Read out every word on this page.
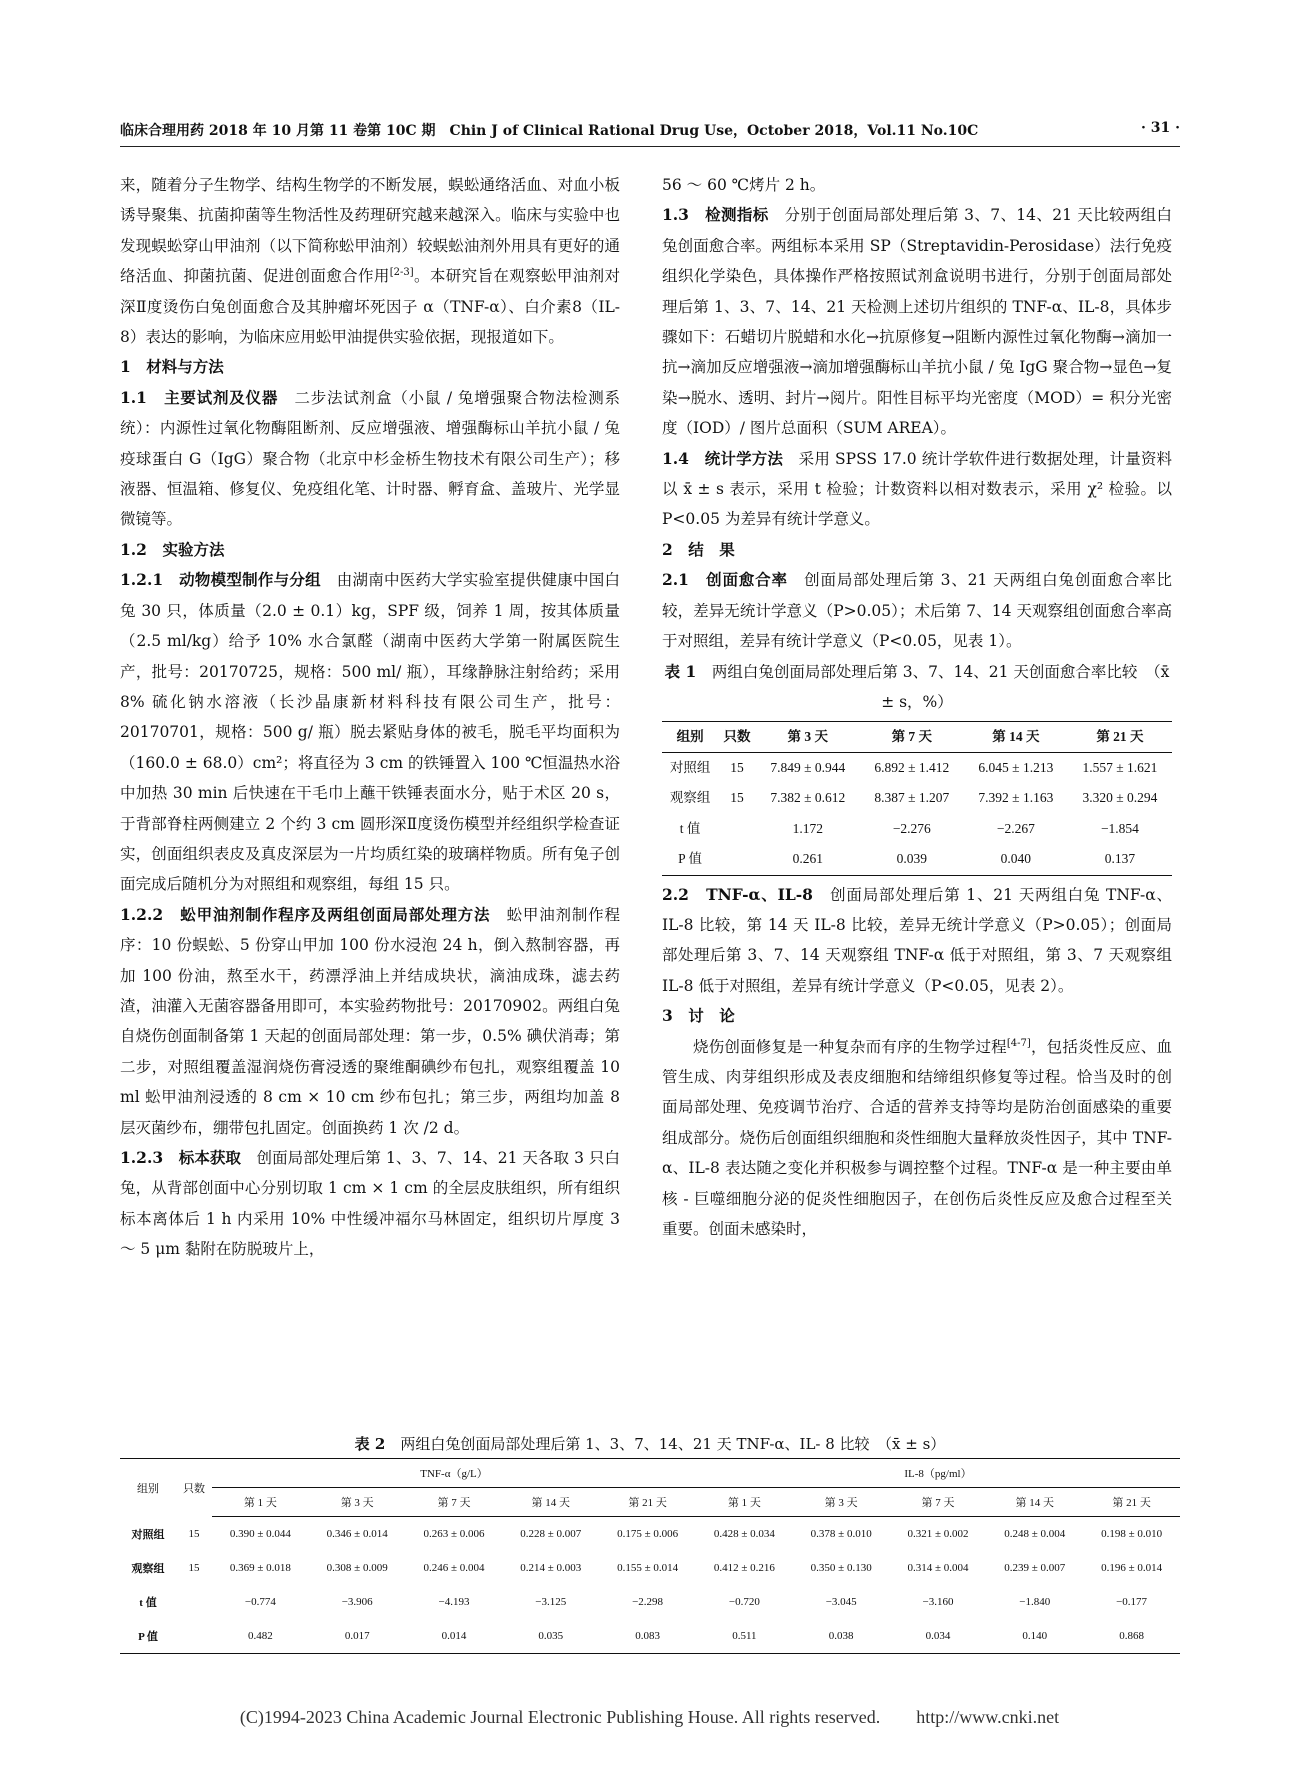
临床合理用药 2018 年 10 月第 11 卷第 10C 期　Chin J of Clinical Rational Drug Use，October 2018，Vol.11 No.10C	· 31 ·

来，随着分子生物学、结构生物学的不断发展，蜈蚣通络活血、对血小板诱导聚集、抗菌抑菌等生物活性及药理研究越来越深入。临床与实验中也发现蜈蚣穿山甲油剂（以下简称蚣甲油剂）较蜈蚣油剂外用具有更好的通络活血、抑菌抗菌、促进创面愈合作用[2-3]。本研究旨在观察蚣甲油剂对深Ⅱ度烫伤白兔创面愈合及其肿瘤坏死因子 α（TNF-α）、白介素8（IL-8）表达的影响，为临床应用蚣甲油提供实验依据，现报道如下。

1　材料与方法

1.1　主要试剂及仪器　二步法试剂盒（小鼠 / 兔增强聚合物法检测系统）：内源性过氧化物酶阻断剂、反应增强液、增强酶标山羊抗小鼠 / 兔疫球蛋白 G（IgG）聚合物（北京中杉金桥生物技术有限公司生产）；移液器、恒温箱、修复仪、免疫组化笔、计时器、孵育盒、盖玻片、光学显微镜等。

1.2　实验方法

1.2.1　动物模型制作与分组　由湖南中医药大学实验室提供健康中国白兔 30 只，体质量（2.0 ± 0.1）kg，SPF 级，饲养 1 周，按其体质量（2.5 ml/kg）给予 10% 水合氯醛（湖南中医药大学第一附属医院生产，批号：20170725，规格：500 ml/ 瓶），耳缘静脉注射给药；采用 8% 硫化钠水溶液（长沙晶康新材料科技有限公司生产，批号：20170701，规格：500 g/ 瓶）脱去紧贴身体的被毛，脱毛平均面积为（160.0 ± 68.0）cm²；将直径为 3 cm 的铁锤置入 100 ℃恒温热水浴中加热 30 min 后快速在干毛巾上蘸干铁锤表面水分，贴于术区 20 s，于背部脊柱两侧建立 2 个约 3 cm 圆形深Ⅱ度烫伤模型并经组织学检查证实，创面组织表皮及真皮深层为一片均质红染的玻璃样物质。所有兔子创面完成后随机分为对照组和观察组，每组 15 只。

1.2.2　蚣甲油剂制作程序及两组创面局部处理方法　蚣甲油剂制作程序：10 份蜈蚣、5 份穿山甲加 100 份水浸泡 24 h，倒入熬制容器，再加 100 份油，熬至水干，药漂浮油上并结成块状，滴油成珠，滤去药渣，油灌入无菌容器备用即可，本实验药物批号：20170902。两组白兔自烧伤创面制备第 1 天起的创面局部处理：第一步，0.5% 碘伏消毒；第二步，对照组覆盖湿润烧伤膏浸透的聚维酮碘纱布包扎，观察组覆盖 10 ml 蚣甲油剂浸透的 8 cm × 10 cm 纱布包扎；第三步，两组均加盖 8 层灭菌纱布，绷带包扎固定。创面换药 1 次 /2 d。

1.2.3　标本获取　创面局部处理后第 1、3、7、14、21 天各取 3 只白兔，从背部创面中心分别切取 1 cm × 1 cm 的全层皮肤组织，所有组织标本离体后 1 h 内采用 10% 中性缓冲福尔马林固定，组织切片厚度 3 ～ 5 μm 黏附在防脱玻片上，

56 ～ 60 ℃烤片 2 h。

1.3　检测指标　分别于创面局部处理后第 3、7、14、21 天比较两组白兔创面愈合率。两组标本采用 SP（Streptavidin-Perosidase）法行免疫组织化学染色，具体操作严格按照试剂盒说明书进行，分别于创面局部处理后第 1、3、7、14、21 天检测上述切片组织的 TNF-α、IL-8，具体步骤如下：石蜡切片脱蜡和水化→抗原修复→阻断内源性过氧化物酶→滴加一抗→滴加反应增强液→滴加增强酶标山羊抗小鼠 / 兔 IgG 聚合物→显色→复染→脱水、透明、封片→阅片。阳性目标平均光密度（MOD）= 积分光密度（IOD）/ 图片总面积（SUM AREA）。

1.4　统计学方法　采用 SPSS 17.0 统计学软件进行数据处理，计量资料以 x̄ ± s 表示，采用 t 检验；计数资料以相对数表示，采用 χ² 检验。以 P<0.05 为差异有统计学意义。

2　结　果

2.1　创面愈合率　创面局部处理后第 3、21 天两组白兔创面愈合率比较，差异无统计学意义（P>0.05）；术后第 7、14 天观察组创面愈合率高于对照组，差异有统计学意义（P<0.05，见表 1）。

表 1　两组白兔创面局部处理后第 3、7、14、21 天创面愈合率比较　（x̄ ± s，%）
组别	只数	第 3 天	第 7 天	第 14 天	第 21 天
对照组	15	7.849 ± 0.944	6.892 ± 1.412	6.045 ± 1.213	1.557 ± 1.621
观察组	15	7.382 ± 0.612	8.387 ± 1.207	7.392 ± 1.163	3.320 ± 0.294
t 值		1.172	−2.276	−2.267	−1.854
P 值		0.261	0.039	0.040	0.137

2.2　TNF-α、IL-8　创面局部处理后第 1、21 天两组白兔 TNF-α、IL-8 比较，第 14 天 IL-8 比较，差异无统计学意义（P>0.05）；创面局部处理后第 3、7、14 天观察组 TNF-α 低于对照组，第 3、7 天观察组 IL-8 低于对照组，差异有统计学意义（P<0.05，见表 2）。

3　讨　论

烧伤创面修复是一种复杂而有序的生物学过程[4-7]，包括炎性反应、血管生成、肉芽组织形成及表皮细胞和结缔组织修复等过程。恰当及时的创面局部处理、免疫调节治疗、合适的营养支持等均是防治创面感染的重要组成部分。烧伤后创面组织细胞和炎性细胞大量释放炎性因子，其中 TNF-α、IL-8 表达随之变化并积极参与调控整个过程。TNF-α 是一种主要由单核 - 巨噬细胞分泌的促炎性细胞因子，在创伤后炎性反应及愈合过程至关重要。创面未感染时，

表 2　两组白兔创面局部处理后第 1、3、7、14、21 天 TNF-α、IL- 8 比较　（x̄ ± s）
组别	只数	TNF-α（g/L）					IL-8（pg/ml）				
		第 1 天	第 3 天	第 7 天	第 14 天	第 21 天	第 1 天	第 3 天	第 7 天	第 14 天	第 21 天
对照组	15	0.390 ± 0.044	0.346 ± 0.014	0.263 ± 0.006	0.228 ± 0.007	0.175 ± 0.006	0.428 ± 0.034	0.378 ± 0.010	0.321 ± 0.002	0.248 ± 0.004	0.198 ± 0.010
观察组	15	0.369 ± 0.018	0.308 ± 0.009	0.246 ± 0.004	0.214 ± 0.003	0.155 ± 0.014	0.412 ± 0.216	0.350 ± 0.130	0.314 ± 0.004	0.239 ± 0.007	0.196 ± 0.014
t 值		−0.774	−3.906	−4.193	−3.125	−2.298	−0.720	−3.045	−3.160	−1.840	−0.177
P 值		0.482	0.017	0.014	0.035	0.083	0.511	0.038	0.034	0.140	0.868
(C)1994-2023 China Academic Journal Electronic Publishing House. All rights reserved.　　http://www.cnki.net
